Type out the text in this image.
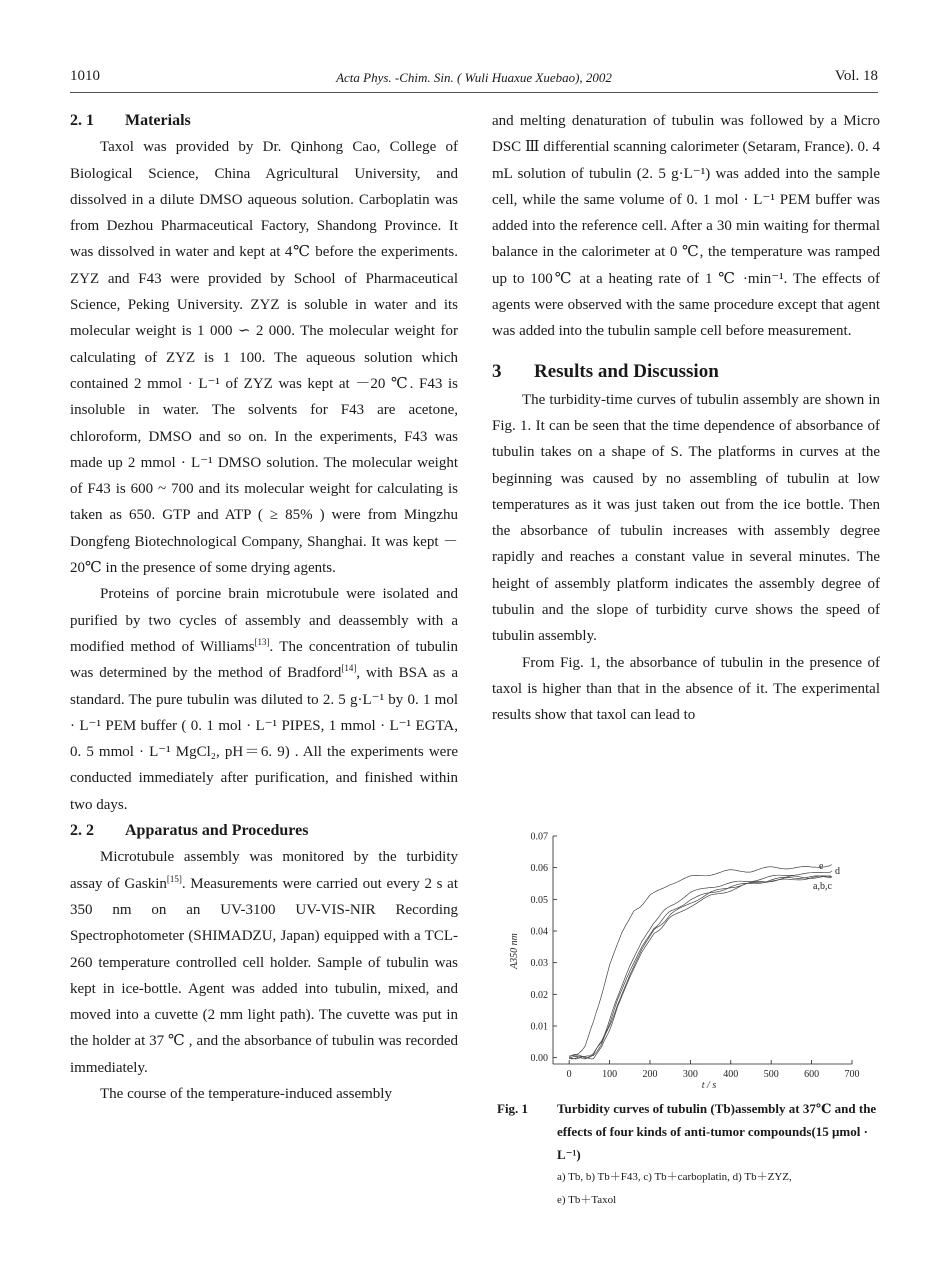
1010	Acta Phys. -Chim. Sin. ( Wuli Huaxue Xuebao), 2002	Vol. 18
2. 1 Materials

Taxol was provided by Dr. Qinhong Cao, College of Biological Science, China Agricultural University, and dissolved in a dilute DMSO aqueous solution. Carboplatin was from Dezhou Pharmaceutical Factory, Shandong Province. It was dissolved in water and kept at 4℃ before the experiments. ZYZ and F43 were provided by School of Pharmaceutical Science, Peking University. ZYZ is soluble in water and its molecular weight is 1 000 ∽ 2 000. The molecular weight for calculating of ZYZ is 1 100. The aqueous solution which contained 2 mmol · L⁻¹ of ZYZ was kept at －20 ℃. F43 is insoluble in water. The solvents for F43 are acetone, chloroform, DMSO and so on. In the experiments, F43 was made up 2 mmol · L⁻¹ DMSO solution. The molecular weight of F43 is 600 ~ 700 and its molecular weight for calculating is taken as 650. GTP and ATP ( ≥ 85% ) were from Mingzhu Dongfeng Biotechnological Company, Shanghai. It was kept －20℃ in the presence of some drying agents.

Proteins of porcine brain microtubule were isolated and purified by two cycles of assembly and deassembly with a modified method of Williams[13]. The concentration of tubulin was determined by the method of Bradford[14], with BSA as a standard. The pure tubulin was diluted to 2. 5 g·L⁻¹ by 0. 1 mol · L⁻¹ PEM buffer ( 0. 1 mol · L⁻¹ PIPES, 1 mmol · L⁻¹ EGTA, 0. 5 mmol · L⁻¹ MgCl₂, pH＝6. 9) . All the experiments were conducted immediately after purification, and finished within two days.

2. 2 Apparatus and Procedures

Microtubule assembly was monitored by the turbidity assay of Gaskin[15]. Measurements were carried out every 2 s at 350 nm on an UV-3100 UV-VIS-NIR Recording Spectrophotometer (SHIMADZU, Japan) equipped with a TCL-260 temperature controlled cell holder. Sample of tubulin was kept in ice-bottle. Agent was added into tubulin, mixed, and moved into a cuvette (2 mm light path). The cuvette was put in the holder at 37 ℃ , and the absorbance of tubulin was recorded immediately.

The course of the temperature-induced assembly

and melting denaturation of tubulin was followed by a Micro DSC Ⅲ differential scanning calorimeter (Setaram, France). 0. 4 mL solution of tubulin (2. 5 g·L⁻¹) was added into the sample cell, while the same volume of 0. 1 mol · L⁻¹ PEM buffer was added into the reference cell. After a 30 min waiting for thermal balance in the calorimeter at 0 ℃, the temperature was ramped up to 100℃ at a heating rate of 1 ℃ ·min⁻¹. The effects of agents were observed with the same procedure except that agent was added into the tubulin sample cell before measurement.

3 Results and Discussion

The turbidity-time curves of tubulin assembly are shown in Fig. 1. It can be seen that the time dependence of absorbance of tubulin takes on a shape of S. The platforms in curves at the beginning was caused by no assembling of tubulin at low temperatures as it was just taken out from the ice bottle. Then the absorbance of tubulin increases with assembly degree rapidly and reaches a constant value in several minutes. The height of assembly platform indicates the assembly degree of tubulin and the slope of turbidity curve shows the speed of tubulin assembly.

From Fig. 1, the absorbance of tubulin in the presence of taxol is higher than that in the absence of it. The experimental results show that taxol can lead to

0.00
0.01
0.02
0.03
0.04
0.05
0.06
0.07
0	100	200	300	400	500	600	700
A350 nm
t / s
e d
a,b,c
Fig. 1	Turbidity curves of tubulin (Tb)assembly at 37℃ and the effects of four kinds of anti-tumor compounds(15 μmol · L⁻¹)
a) Tb, b) Tb＋F43, c) Tb＋carboplatin, d) Tb＋ZYZ,
e) Tb＋Taxol
